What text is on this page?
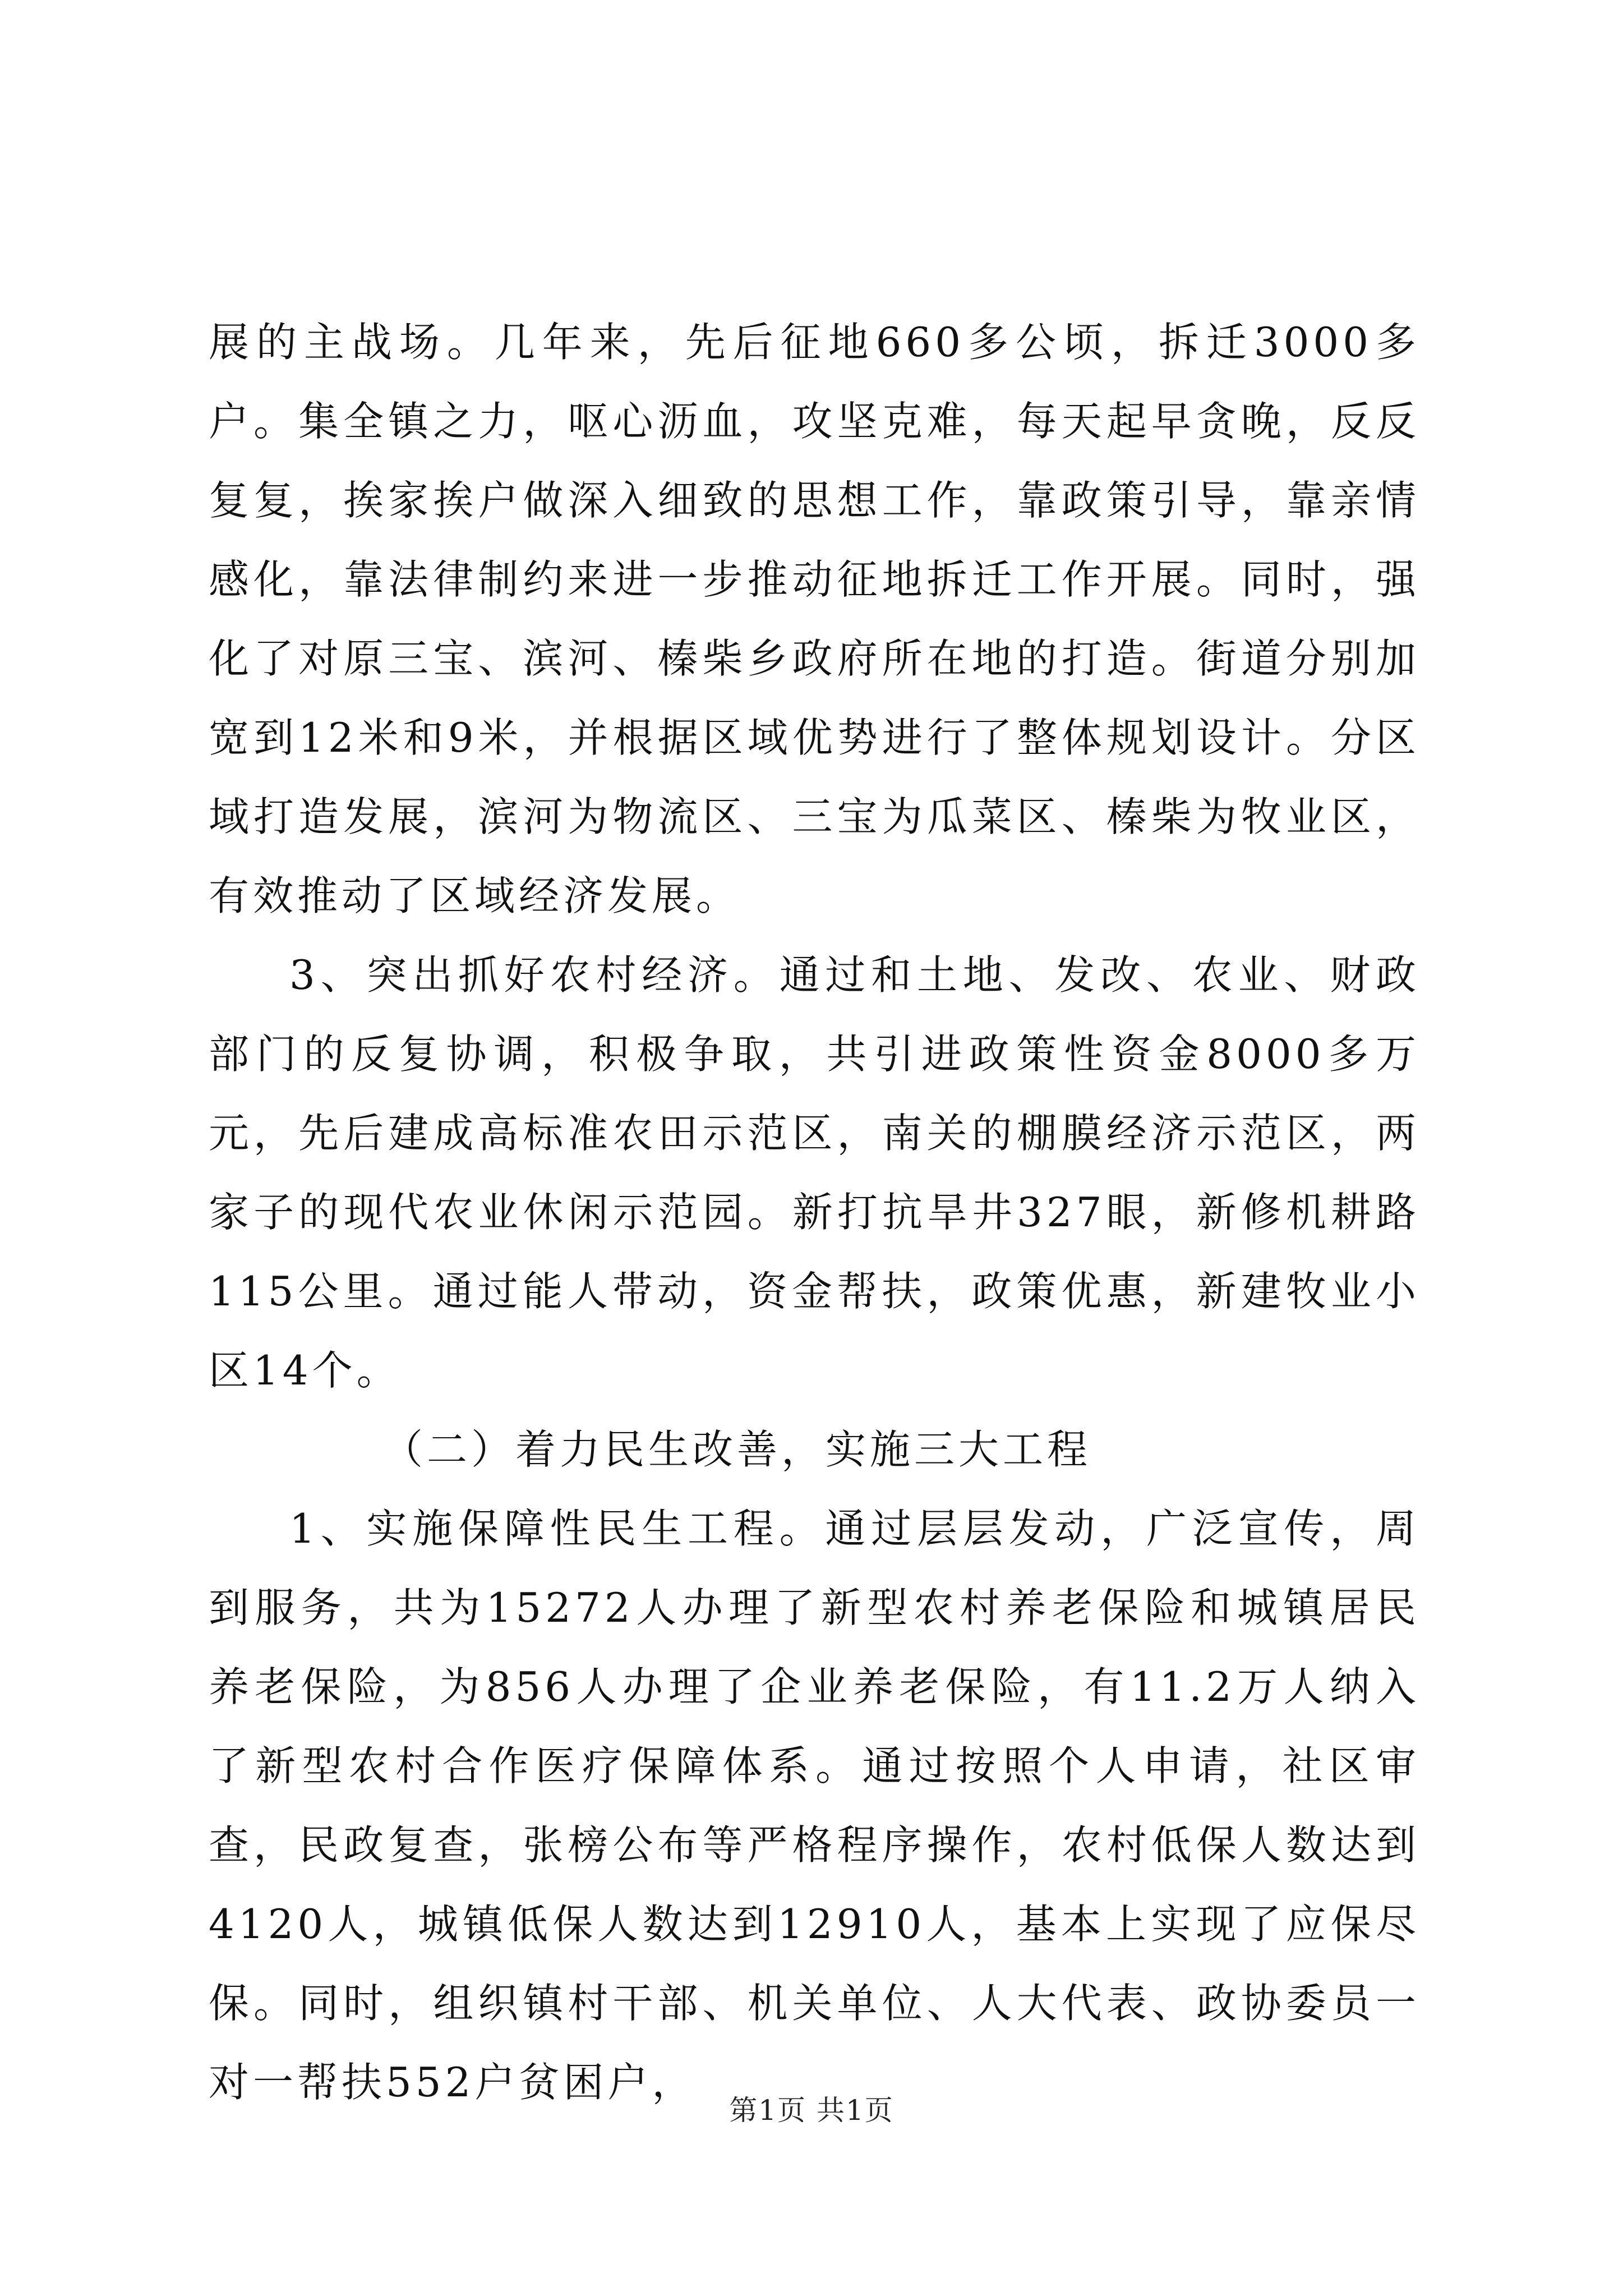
展的主战场。几年来，先后征地660多公顷，拆迁3000多户。集全镇之力，呕心沥血，攻坚克难，每天起早贪晚，反反复复，挨家挨户做深入细致的思想工作，靠政策引导，靠亲情感化，靠法律制约来进一步推动征地拆迁工作开展。同时，强化了对原三宝、滨河、榛柴乡政府所在地的打造。街道分别加宽到12米和9米，并根据区域优势进行了整体规划设计。分区域打造发展，滨河为物流区、三宝为瓜菜区、榛柴为牧业区，有效推动了区域经济发展。

3、突出抓好农村经济。通过和土地、发改、农业、财政部门的反复协调，积极争取，共引进政策性资金8000多万元，先后建成高标准农田示范区，南关的棚膜经济示范区，两家子的现代农业休闲示范园。新打抗旱井327眼，新修机耕路115公里。通过能人带动，资金帮扶，政策优惠，新建牧业小区14个。

（二）着力民生改善，实施三大工程

1、实施保障性民生工程。通过层层发动，广泛宣传，周到服务，共为15272人办理了新型农村养老保险和城镇居民养老保险，为856人办理了企业养老保险，有11.2万人纳入了新型农村合作医疗保障体系。通过按照个人申请，社区审查，民政复查，张榜公布等严格程序操作，农村低保人数达到4120人，城镇低保人数达到12910人，基本上实现了应保尽保。同时，组织镇村干部、机关单位、人大代表、政协委员一对一帮扶552户贫困户，

第1页 共1页
